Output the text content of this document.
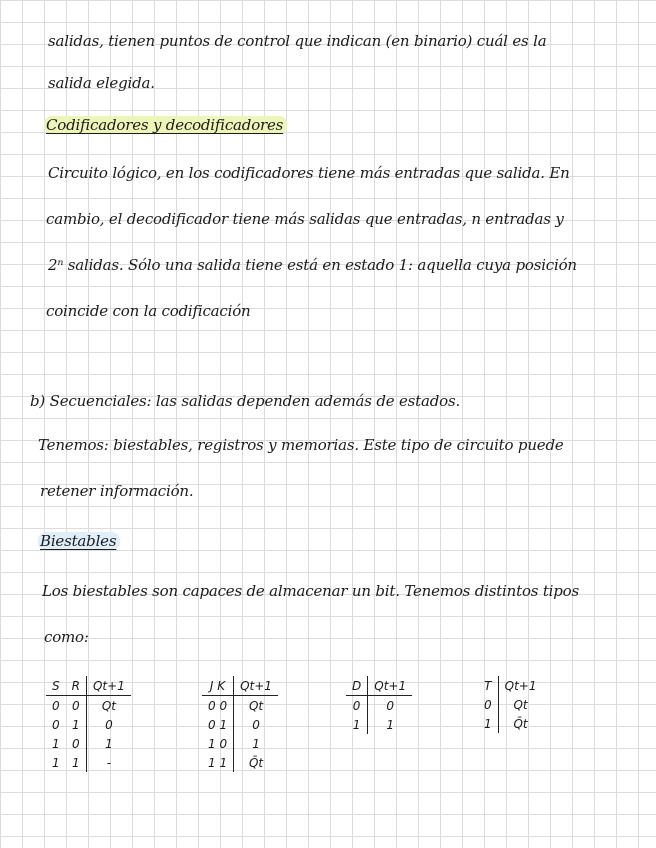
salidas, tienen puntos de control que indican (en binario) cuál es la
salida elegida.
Codificadores y decodificadores
Circuito lógico, en los codificadores tiene más entradas que salida. En
cambio, el decodificador tiene más salidas que entradas, n entradas y
2ⁿ salidas. Sólo una salida tiene está en estado 1: aquella cuya posición
coincide con la codificación
b) Secuenciales: las salidas dependen además de estados.
Tenemos: biestables, registros y memorias. Este tipo de circuito puede
retener información.
Biestables
Los biestables son capaces de almacenar un bit. Tenemos distintos tipos
como:
S	R	Qt+1
0	0	Qt
0	1	0
1	0	1
1	1	-
J K	Qt+1
0 0	Qt
0 1	0
1 0	1
1 1	Q̄t
D	Qt+1
0	0
1	1
T	Qt+1
0	Qt
1	Q̄t
